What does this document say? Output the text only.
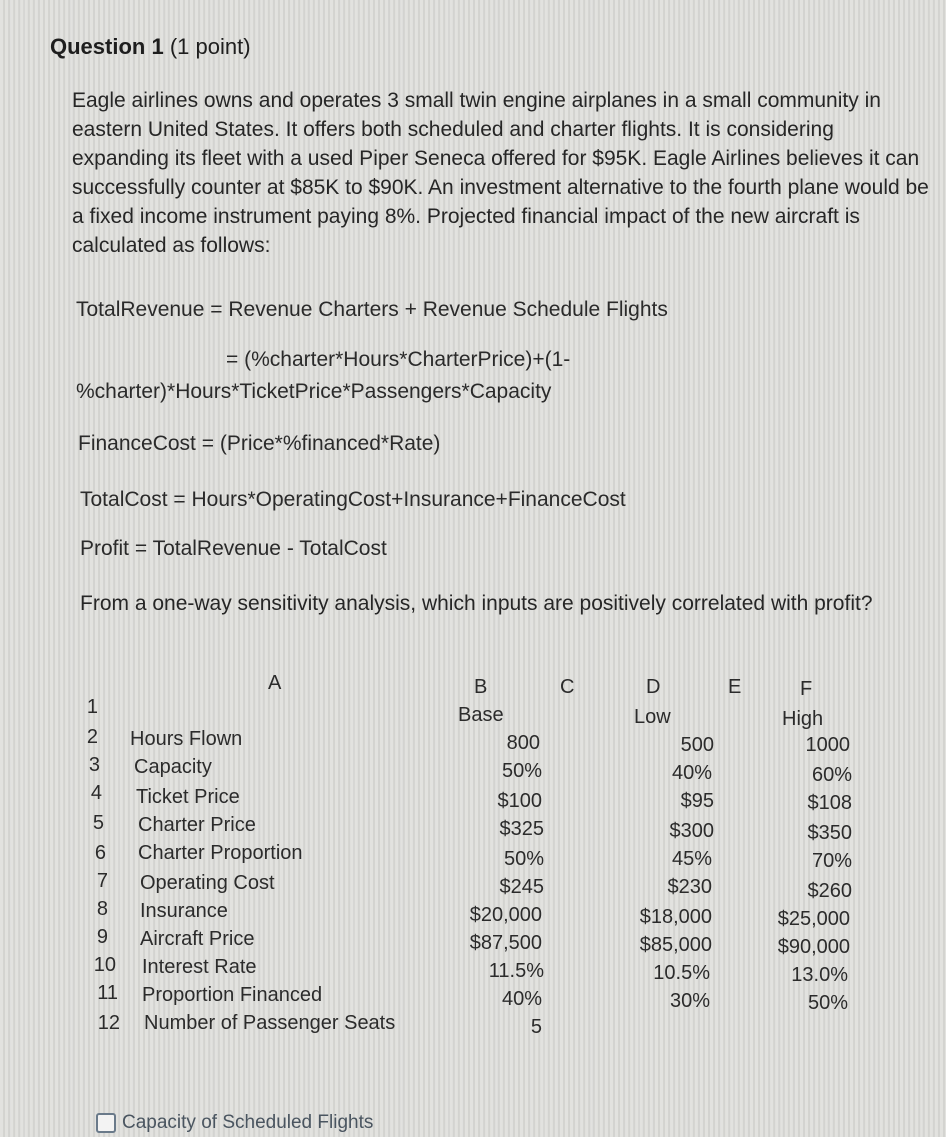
Question 1 (1 point)

Eagle airlines owns and operates 3 small twin engine airplanes in a small community in eastern United States. It offers both scheduled and charter flights. It is considering expanding its fleet with a used Piper Seneca offered for $95K. Eagle Airlines believes it can successfully counter at $85K to $90K. An investment alternative to the fourth plane would be a fixed income instrument paying 8%. Projected financial impact of the new aircraft is calculated as follows:

TotalRevenue = Revenue Charters + Revenue Schedule Flights
= (%charter*Hours*CharterPrice)+(1-
%charter)*Hours*TicketPrice*Passengers*Capacity
FinanceCost = (Price*%financed*Rate)
TotalCost = Hours*OperatingCost+Insurance+FinanceCost
Profit = TotalRevenue - TotalCost
From a one-way sensitivity analysis, which inputs are positively correlated with profit?
A	B	C	D	E	F
Base	Low	High
1
2 Hours Flown	800	500	1000
3 Capacity	50%	40%	60%
4 Ticket Price	$100	$95	$108
5 Charter Price	$325	$300	$350
6 Charter Proportion	50%	45%	70%
7 Operating Cost	$245	$230	$260
8 Insurance	$20,000	$18,000	$25,000
9 Aircraft Price	$87,500	$85,000	$90,000
10 Interest Rate	11.5%	10.5%	13.0%
11 Proportion Financed	40%	30%	50%
12 Number of Passenger Seats	5
Capacity of Scheduled Flights
